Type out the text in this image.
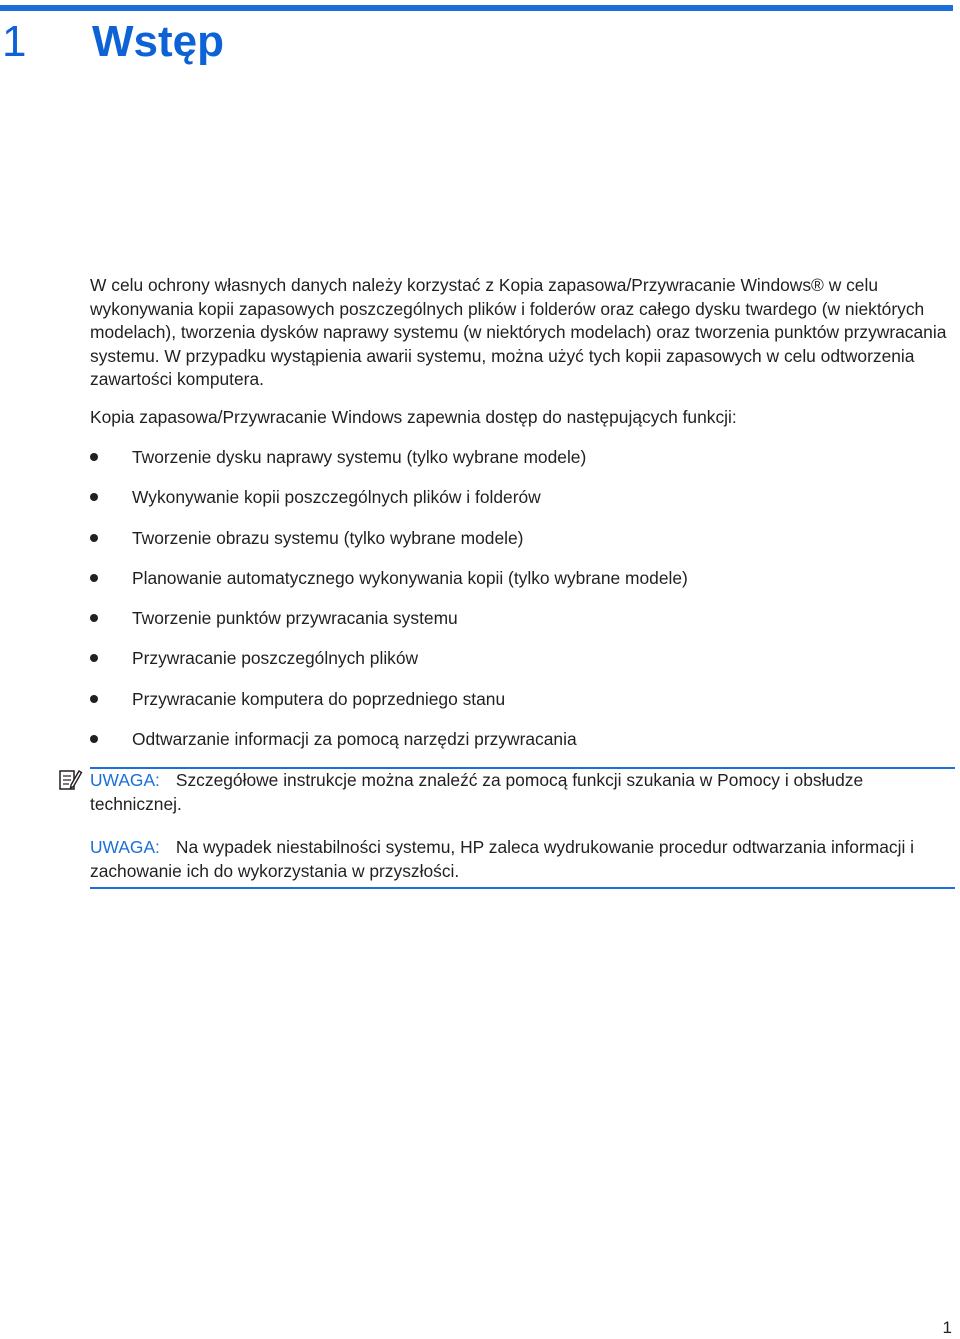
1	Wstęp

W celu ochrony własnych danych należy korzystać z Kopia zapasowa/Przywracanie Windows® w celu wykonywania kopii zapasowych poszczególnych plików i folderów oraz całego dysku twardego (w niektórych modelach), tworzenia dysków naprawy systemu (w niektórych modelach) oraz tworzenia punktów przywracania systemu. W przypadku wystąpienia awarii systemu, można użyć tych kopii zapasowych w celu odtworzenia zawartości komputera.

Kopia zapasowa/Przywracanie Windows zapewnia dostęp do następujących funkcji:

Tworzenie dysku naprawy systemu (tylko wybrane modele)
Wykonywanie kopii poszczególnych plików i folderów
Tworzenie obrazu systemu (tylko wybrane modele)
Planowanie automatycznego wykonywania kopii (tylko wybrane modele)
Tworzenie punktów przywracania systemu
Przywracanie poszczególnych plików
Przywracanie komputera do poprzedniego stanu
Odtwarzanie informacji za pomocą narzędzi przywracania
UWAGA: Szczegółowe instrukcje można znaleźć za pomocą funkcji szukania w Pomocy i obsłudze technicznej.
UWAGA: Na wypadek niestabilności systemu, HP zaleca wydrukowanie procedur odtwarzania informacji i zachowanie ich do wykorzystania w przyszłości.
1
